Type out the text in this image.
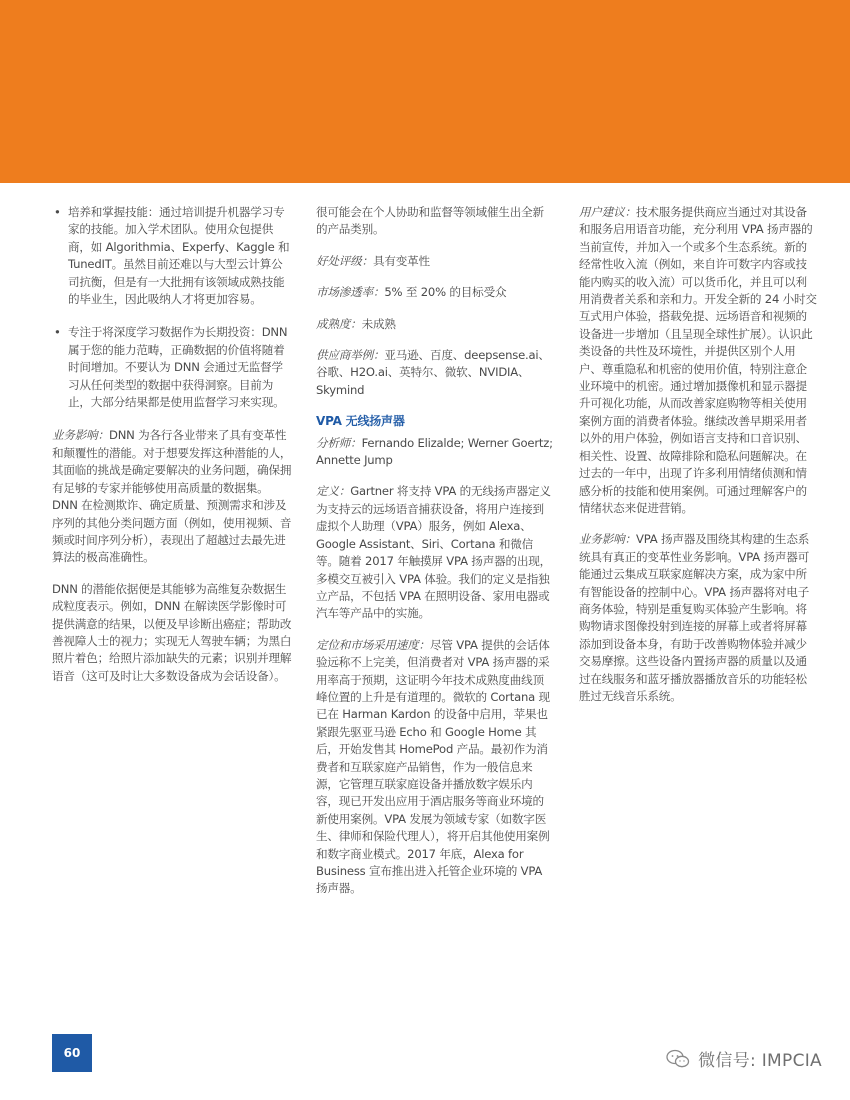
• 培养和掌握技能：通过培训提升机器学习专家的技能。加入学术团队。使用众包提供商，如 Algorithmia、Experfy、Kaggle 和 TunedIT。虽然目前还难以与大型云计算公司抗衡，但是有一大批拥有该领域成熟技能的毕业生，因此吸纳人才将更加容易。
• 专注于将深度学习数据作为长期投资：DNN 属于您的能力范畴，正确数据的价值将随着时间增加。不要认为 DNN 会通过无监督学习从任何类型的数据中获得洞察。目前为止，大部分结果都是使用监督学习来实现。

业务影响：DNN 为各行各业带来了具有变革性和颠覆性的潜能。对于想要发挥这种潜能的人，其面临的挑战是确定要解决的业务问题，确保拥有足够的专家并能够使用高质量的数据集。DNN 在检测欺诈、确定质量、预测需求和涉及序列的其他分类问题方面（例如，使用视频、音频或时间序列分析），表现出了超越过去最先进算法的极高准确性。

DNN 的潜能依据便是其能够为高维复杂数据生成粒度表示。例如，DNN 在解读医学影像时可提供满意的结果，以便及早诊断出癌症；帮助改善视障人士的视力；实现无人驾驶车辆；为黑白照片着色；给照片添加缺失的元素；识别并理解语音（这可及时让大多数设备成为会话设备）。

很可能会在个人协助和监督等领域催生出全新的产品类别。

好处评级：具有变革性

市场渗透率：5% 至 20% 的目标受众

成熟度：未成熟

供应商举例：亚马逊、百度、deepsense.ai、谷歌、H2O.ai、英特尔、微软、NVIDIA、Skymind

VPA 无线扬声器

分析师：Fernando Elizalde; Werner Goertz; Annette Jump

定义：Gartner 将支持 VPA 的无线扬声器定义为支持云的远场语音捕获设备，将用户连接到虚拟个人助理（VPA）服务，例如 Alexa、Google Assistant、Siri、Cortana 和微信等。随着 2017 年触摸屏 VPA 扬声器的出现，多模交互被引入 VPA 体验。我们的定义是指独立产品，不包括 VPA 在照明设备、家用电器或汽车等产品中的实施。

定位和市场采用速度：尽管 VPA 提供的会话体验远称不上完美，但消费者对 VPA 扬声器的采用率高于预期，这证明今年技术成熟度曲线顶峰位置的上升是有道理的。微软的 Cortana 现已在 Harman Kardon 的设备中启用，苹果也紧跟先驱亚马逊 Echo 和 Google Home 其后，开始发售其 HomePod 产品。最初作为消费者和互联家庭产品销售，作为一般信息来源，它管理互联家庭设备并播放数字娱乐内容，现已开发出应用于酒店服务等商业环境的新使用案例。VPA 发展为领域专家（如数字医生、律师和保险代理人），将开启其他使用案例和数字商业模式。2017 年底，Alexa for Business 宣布推出进入托管企业环境的 VPA 扬声器。

用户建议：技术服务提供商应当通过对其设备和服务启用语音功能，充分利用 VPA 扬声器的当前宣传，并加入一个或多个生态系统。新的经常性收入流（例如，来自许可数字内容或技能内购买的收入流）可以货币化，并且可以利用消费者关系和亲和力。开发全新的 24 小时交互式用户体验，搭载免提、远场语音和视频的设备进一步增加（且呈现全球性扩展）。认识此类设备的共性及环境性，并提供区别个人用户、尊重隐私和机密的使用价值，特别注意企业环境中的机密。通过增加摄像机和显示器提升可视化功能，从而改善家庭购物等相关使用案例方面的消费者体验。继续改善早期采用者以外的用户体验，例如语言支持和口音识别、相关性、设置、故障排除和隐私问题解决。在过去的一年中，出现了许多利用情绪侦测和情感分析的技能和使用案例。可通过理解客户的情绪状态来促进营销。

业务影响：VPA 扬声器及围绕其构建的生态系统具有真正的变革性业务影响。VPA 扬声器可能通过云集成互联家庭解决方案，成为家中所有智能设备的控制中心。VPA 扬声器将对电子商务体验，特别是重复购买体验产生影响。将购物请求图像投射到连接的屏幕上或者将屏幕添加到设备本身，有助于改善购物体验并减少交易摩擦。这些设备内置扬声器的质量以及通过在线服务和蓝牙播放器播放音乐的功能轻松胜过无线音乐系统。

60	微信号: IMPCIA
